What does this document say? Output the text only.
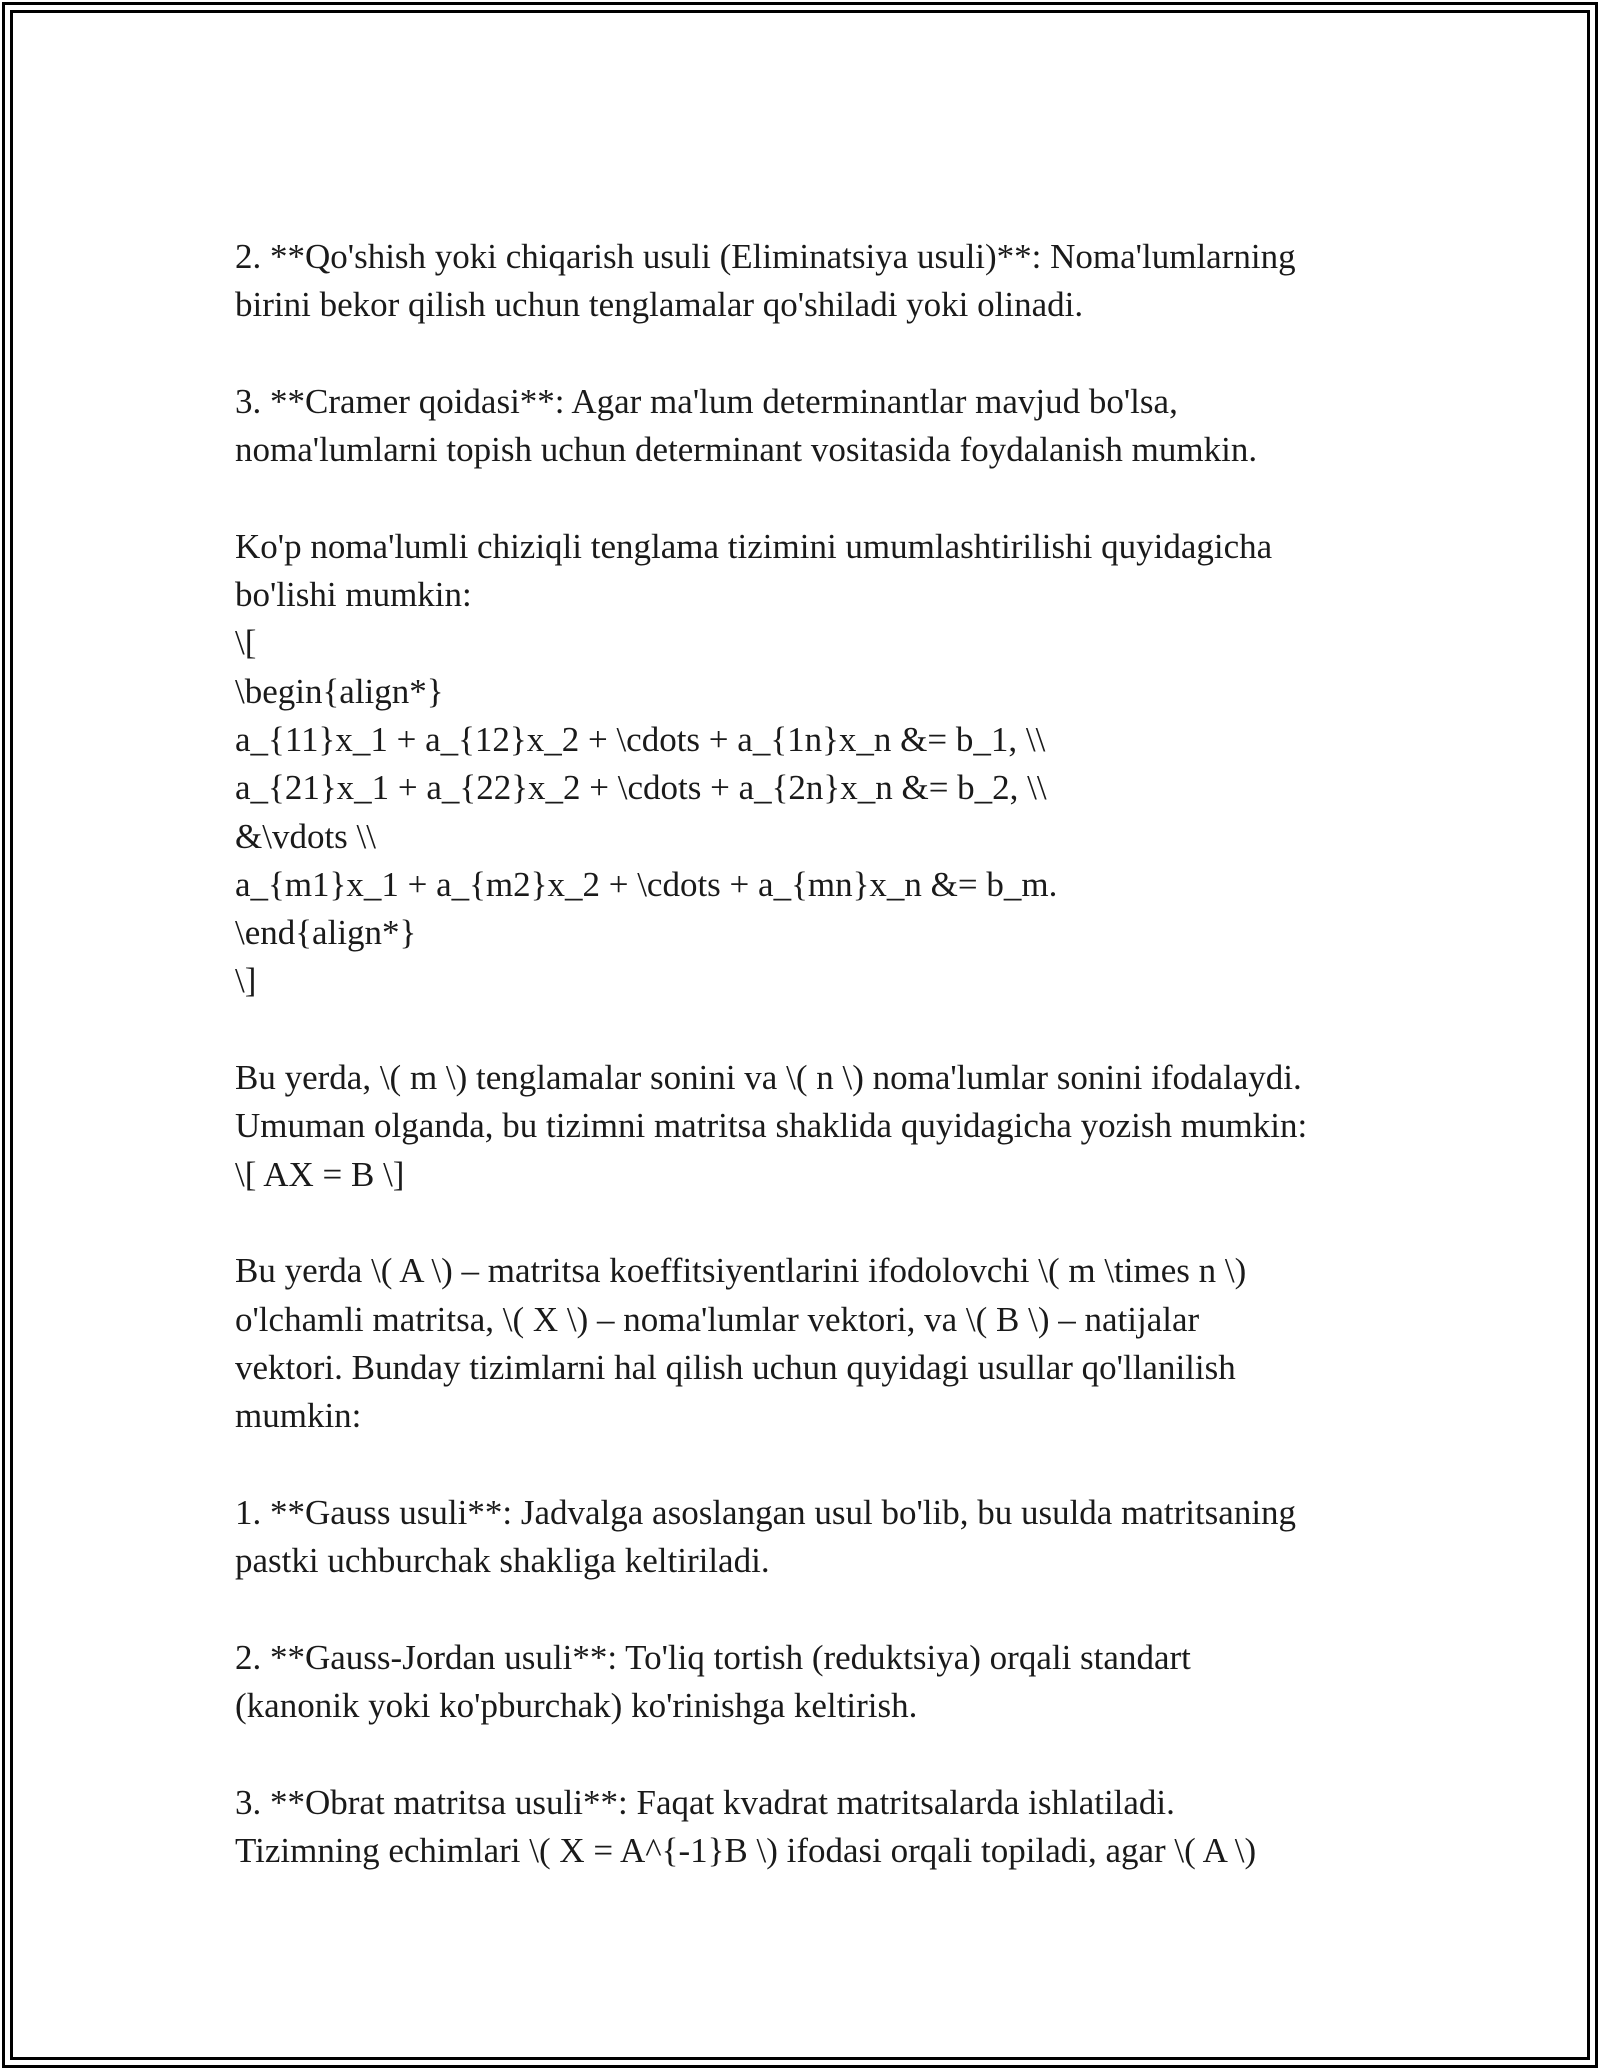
2. **Qo'shish yoki chiqarish usuli (Eliminatsiya usuli)**: Noma'lumlarning
birini bekor qilish uchun tenglamalar qo'shiladi yoki olinadi.
3. **Cramer qoidasi**: Agar ma'lum determinantlar mavjud bo'lsa,
noma'lumlarni topish uchun determinant vositasida foydalanish mumkin.
Ko'p noma'lumli chiziqli tenglama tizimini umumlashtirilishi quyidagicha
bo'lishi mumkin:
\[
\begin{align*}
a_{11}x_1 + a_{12}x_2 + \cdots + a_{1n}x_n &= b_1, \\
a_{21}x_1 + a_{22}x_2 + \cdots + a_{2n}x_n &= b_2, \\
&\vdots \\
a_{m1}x_1 + a_{m2}x_2 + \cdots + a_{mn}x_n &= b_m.
\end{align*}
\]
Bu yerda, \( m \) tenglamalar sonini va \( n \) noma'lumlar sonini ifodalaydi.
Umuman olganda, bu tizimni matritsa shaklida quyidagicha yozish mumkin:
\[ AX = B \]
Bu yerda \( A \) – matritsa koeffitsiyentlarini ifodolovchi \( m \times n \)
o'lchamli matritsa, \( X \) – noma'lumlar vektori, va \( B \) – natijalar
vektori. Bunday tizimlarni hal qilish uchun quyidagi usullar qo'llanilish
mumkin:
1. **Gauss usuli**: Jadvalga asoslangan usul bo'lib, bu usulda matritsaning
pastki uchburchak shakliga keltiriladi.
2. **Gauss-Jordan usuli**: To'liq tortish (reduktsiya) orqali standart
(kanonik yoki ko'pburchak) ko'rinishga keltirish.
3. **Obrat matritsa usuli**: Faqat kvadrat matritsalarda ishlatiladi.
Tizimning echimlari \( X = A^{-1}B \) ifodasi orqali topiladi, agar \( A \)
